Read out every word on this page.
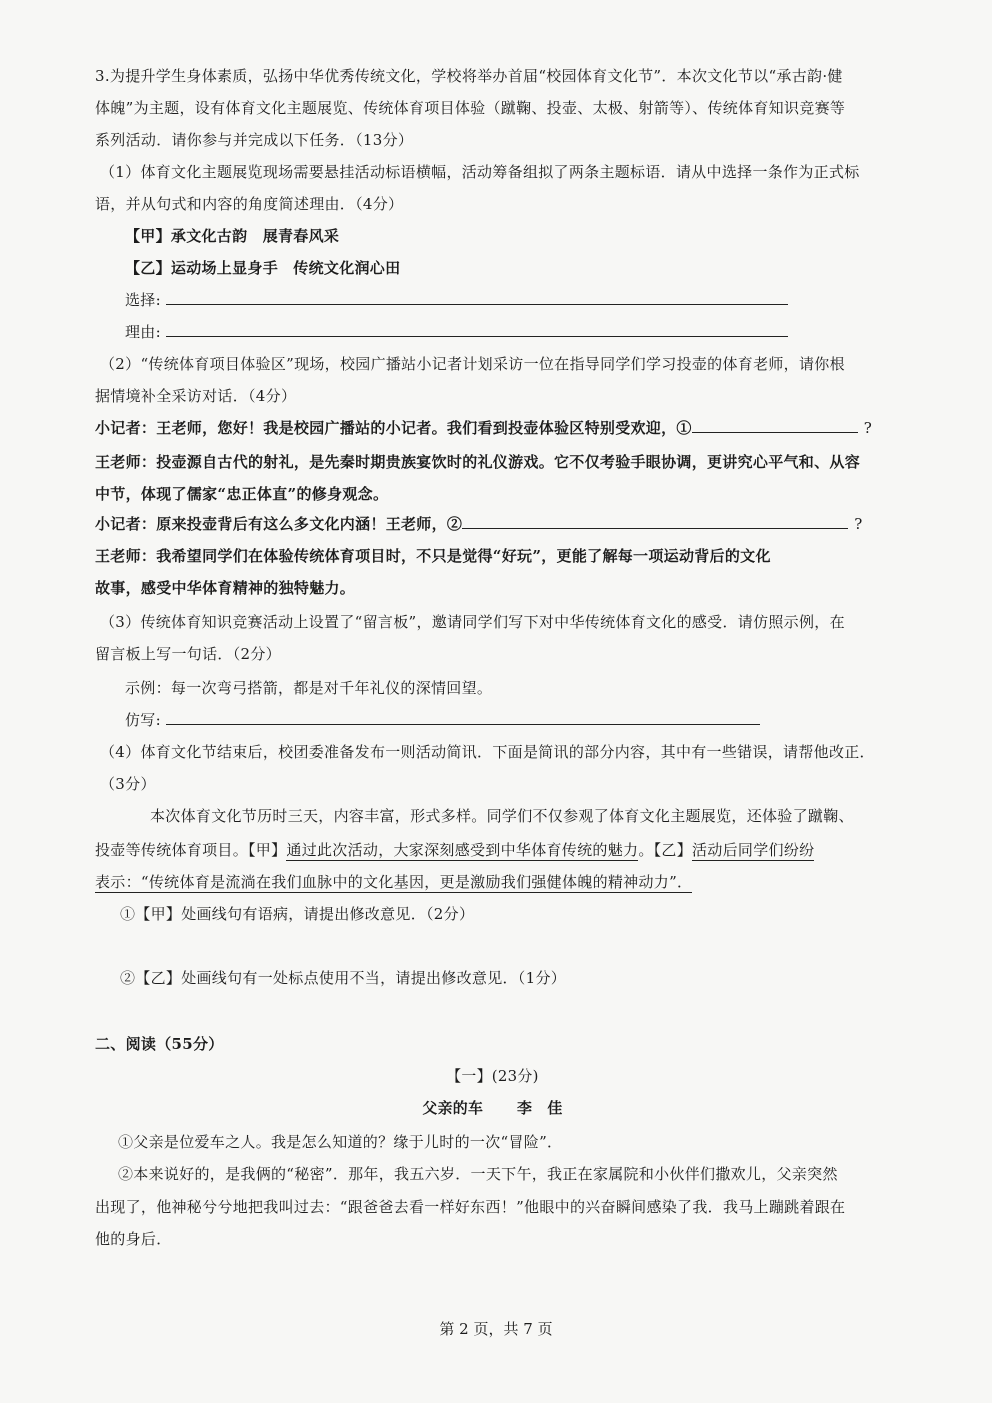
3.为提升学生身体素质，弘扬中华优秀传统文化，学校将举办首届“校园体育文化节”．本次文化节以“承古韵·健
体魄”为主题，设有体育文化主题展览、传统体育项目体验（蹴鞠、投壶、太极、射箭等）、传统体育知识竞赛等
系列活动．请你参与并完成以下任务．（13分）
（1）体育文化主题展览现场需要悬挂活动标语横幅，活动筹备组拟了两条主题标语．请从中选择一条作为正式标
语，并从句式和内容的角度简述理由．（4分）
【甲】承文化古韵　展青春风采
【乙】运动场上显身手　传统文化润心田
选择:
理由:
（2）“传统体育项目体验区”现场，校园广播站小记者计划采访一位在指导同学们学习投壶的体育老师，请你根
据情境补全采访对话．（4分）
小记者：王老师，您好！我是校园广播站的小记者。我们看到投壶体验区特别受欢迎，①	?
王老师：投壶源自古代的射礼，是先秦时期贵族宴饮时的礼仪游戏。它不仅考验手眼协调，更讲究心平气和、从容
中节，体现了儒家“忠正体直”的修身观念。
小记者：原来投壶背后有这么多文化内涵！王老师，②	?
王老师：我希望同学们在体验传统体育项目时，不只是觉得“好玩”，更能了解每一项运动背后的文化
故事，感受中华体育精神的独特魅力。
（3）传统体育知识竞赛活动上设置了“留言板”，邀请同学们写下对中华传统体育文化的感受．请仿照示例，在
留言板上写一句话．（2分）
示例：每一次弯弓搭箭，都是对千年礼仪的深情回望。
仿写:
（4）体育文化节结束后，校团委准备发布一则活动简讯．下面是简讯的部分内容，其中有一些错误，请帮他改正．
（3分）
本次体育文化节历时三天，内容丰富，形式多样。同学们不仅参观了体育文化主题展览，还体验了蹴鞠、
投壶等传统体育项目。【甲】通过此次活动，大家深刻感受到中华体育传统的魅力。【乙】活动后同学们纷纷
表示：“传统体育是流淌在我们血脉中的文化基因，更是激励我们强健体魄的精神动力”．
①【甲】处画线句有语病，请提出修改意见．（2分）
②【乙】处画线句有一处标点使用不当，请提出修改意见．（1分）
二、阅读（55分）
【一】(23分)
父亲的车 李　佳
①父亲是位爱车之人。我是怎么知道的？缘于儿时的一次“冒险”．
②本来说好的，是我俩的“秘密”．那年，我五六岁．一天下午，我正在家属院和小伙伴们撒欢儿，父亲突然
出现了，他神秘兮兮地把我叫过去：“跟爸爸去看一样好东西！”他眼中的兴奋瞬间感染了我．我马上蹦跳着跟在
他的身后．
第 2 页，共 7 页
